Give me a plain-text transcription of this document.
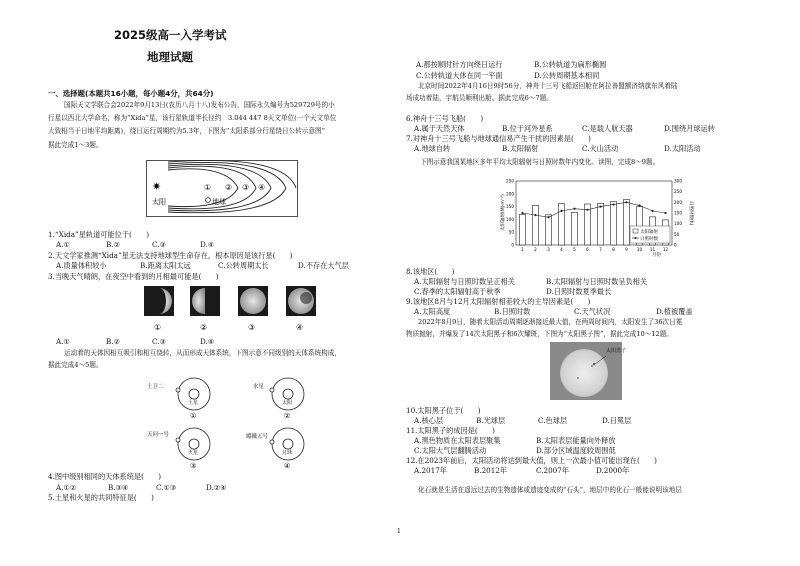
2025级高一入学考试
地理试题
一、选择题(本题共16小题，每小题4分，共64分)
国际天文学联合会2022年9月13日(农历八月十八)发布公告，国际永久编号为529729号的小
行星以西北大学命名，称为“Xida”星，该行星轨道半长径约　3.044 447 8天文单位(一个天文单位
大致相当于日地平均距离)，绕日运行周期约为5.3年，下图为“太阳系部分行星绕日公转示意图”
据此完成1～3题。
✷
太阳	地球
① ② ③ ④
1.“Xida”星轨道可能位于(　　)
A.①	B.②	C.③	D.④
2.天文学家推测“Xida”星无法支持地球型生命存在，根本原因是该行星(　　)
A.质量体积较小	B.距离太阳太远	C.公转周期太长	D.不存在大气层
3.当晚天气晴朗，在夜空中看到的月相最可能是(　　)
①	②	③	④
A.①	B.②	C.③	D.④
运动着的天体因相互吸引和相互绕转，从而形成天体系统，下图示意不同级别的天体系统构成，
据此完成4～5题。
土卫二
土星
水星
太阳
天问一号
火星
嫦娥五号
月球
①	②
③	④
4.图中级别相同的天体系统是(　　)
A.①②	B.③④	C.①③	D.②④
5.土星和火星的共同特征是(　　)
A.都按顺时针方向绕日运行	B.公转轨道为扁形椭圆
C.公转轨道大体在同一平面	D.公转周期基本相同
北京时间2022年4月16日9时56分，神舟十三号飞船返回舱在阿拉善盟额济纳旗东风着陆
场成功着陆，宇航员顺利出舱。据此完成6～7题。
6.神舟十三号飞船(　　)
A.属于天然天体	B.位于河外星系	C.是载人航天器	D.围绕月球运转
7.对神舟十三号飞船与地球通信易产生干扰的因素是(　　)
A.地球自转	B.太阳辐射	C.火山活动	D.太阳活动
下图示意我国某地区多年平均太阳辐射与日照时数年内变化。读图，完成8～9题。
太阳辐射(MJ·m⁻²)	日照时数(h)
250
200
150
100
50
0
300
250
200
150
100
50
0
1 2 3 4 5 6 7 8 9 10 11 12
月份
太阳辐射
日照时数
8.该地区(　　)
A.太阳辐射与日照时数呈正相关	B.太阳辐射与日照时数呈负相关
C.春季的太阳辐射高于秋季	D.日照时数夏季最长
9.该地区8月与12月太阳辐射相差较大的主导因素是(　　)
A.太阳高度	B.日照时数	C.天气状况	D.植被覆盖
2022年8月9日，随着太阳活动周期逐渐接近最大值，在两周时间内，太阳发生了36次日冕
物质抛射，并爆发了14次太阳黑子和6次耀斑，下图为“太阳黑子图”，据此完成10～12题。
太阳黑子
10.太阳黑子位于(　　)
A.核心层	B.光球层	C.色球层	D.日冕层
11.太阳黑子的成因是(　　)
A.黑色物质在太阳表层聚集	B.太阳表层能量向外释放
C.太阳大气层翻腾活动	D.部分区域温度较周围低
12.在2023年前后，太阳活动将达到最大值，则上一次最小值可能出现在(　　)
A.2017年	B.2012年	C.2007年	D.2000年
化石就是生活在遥远过去的生物遗体或遗迹变成的“石头”，地层中的化石一般能说明该地层
1
